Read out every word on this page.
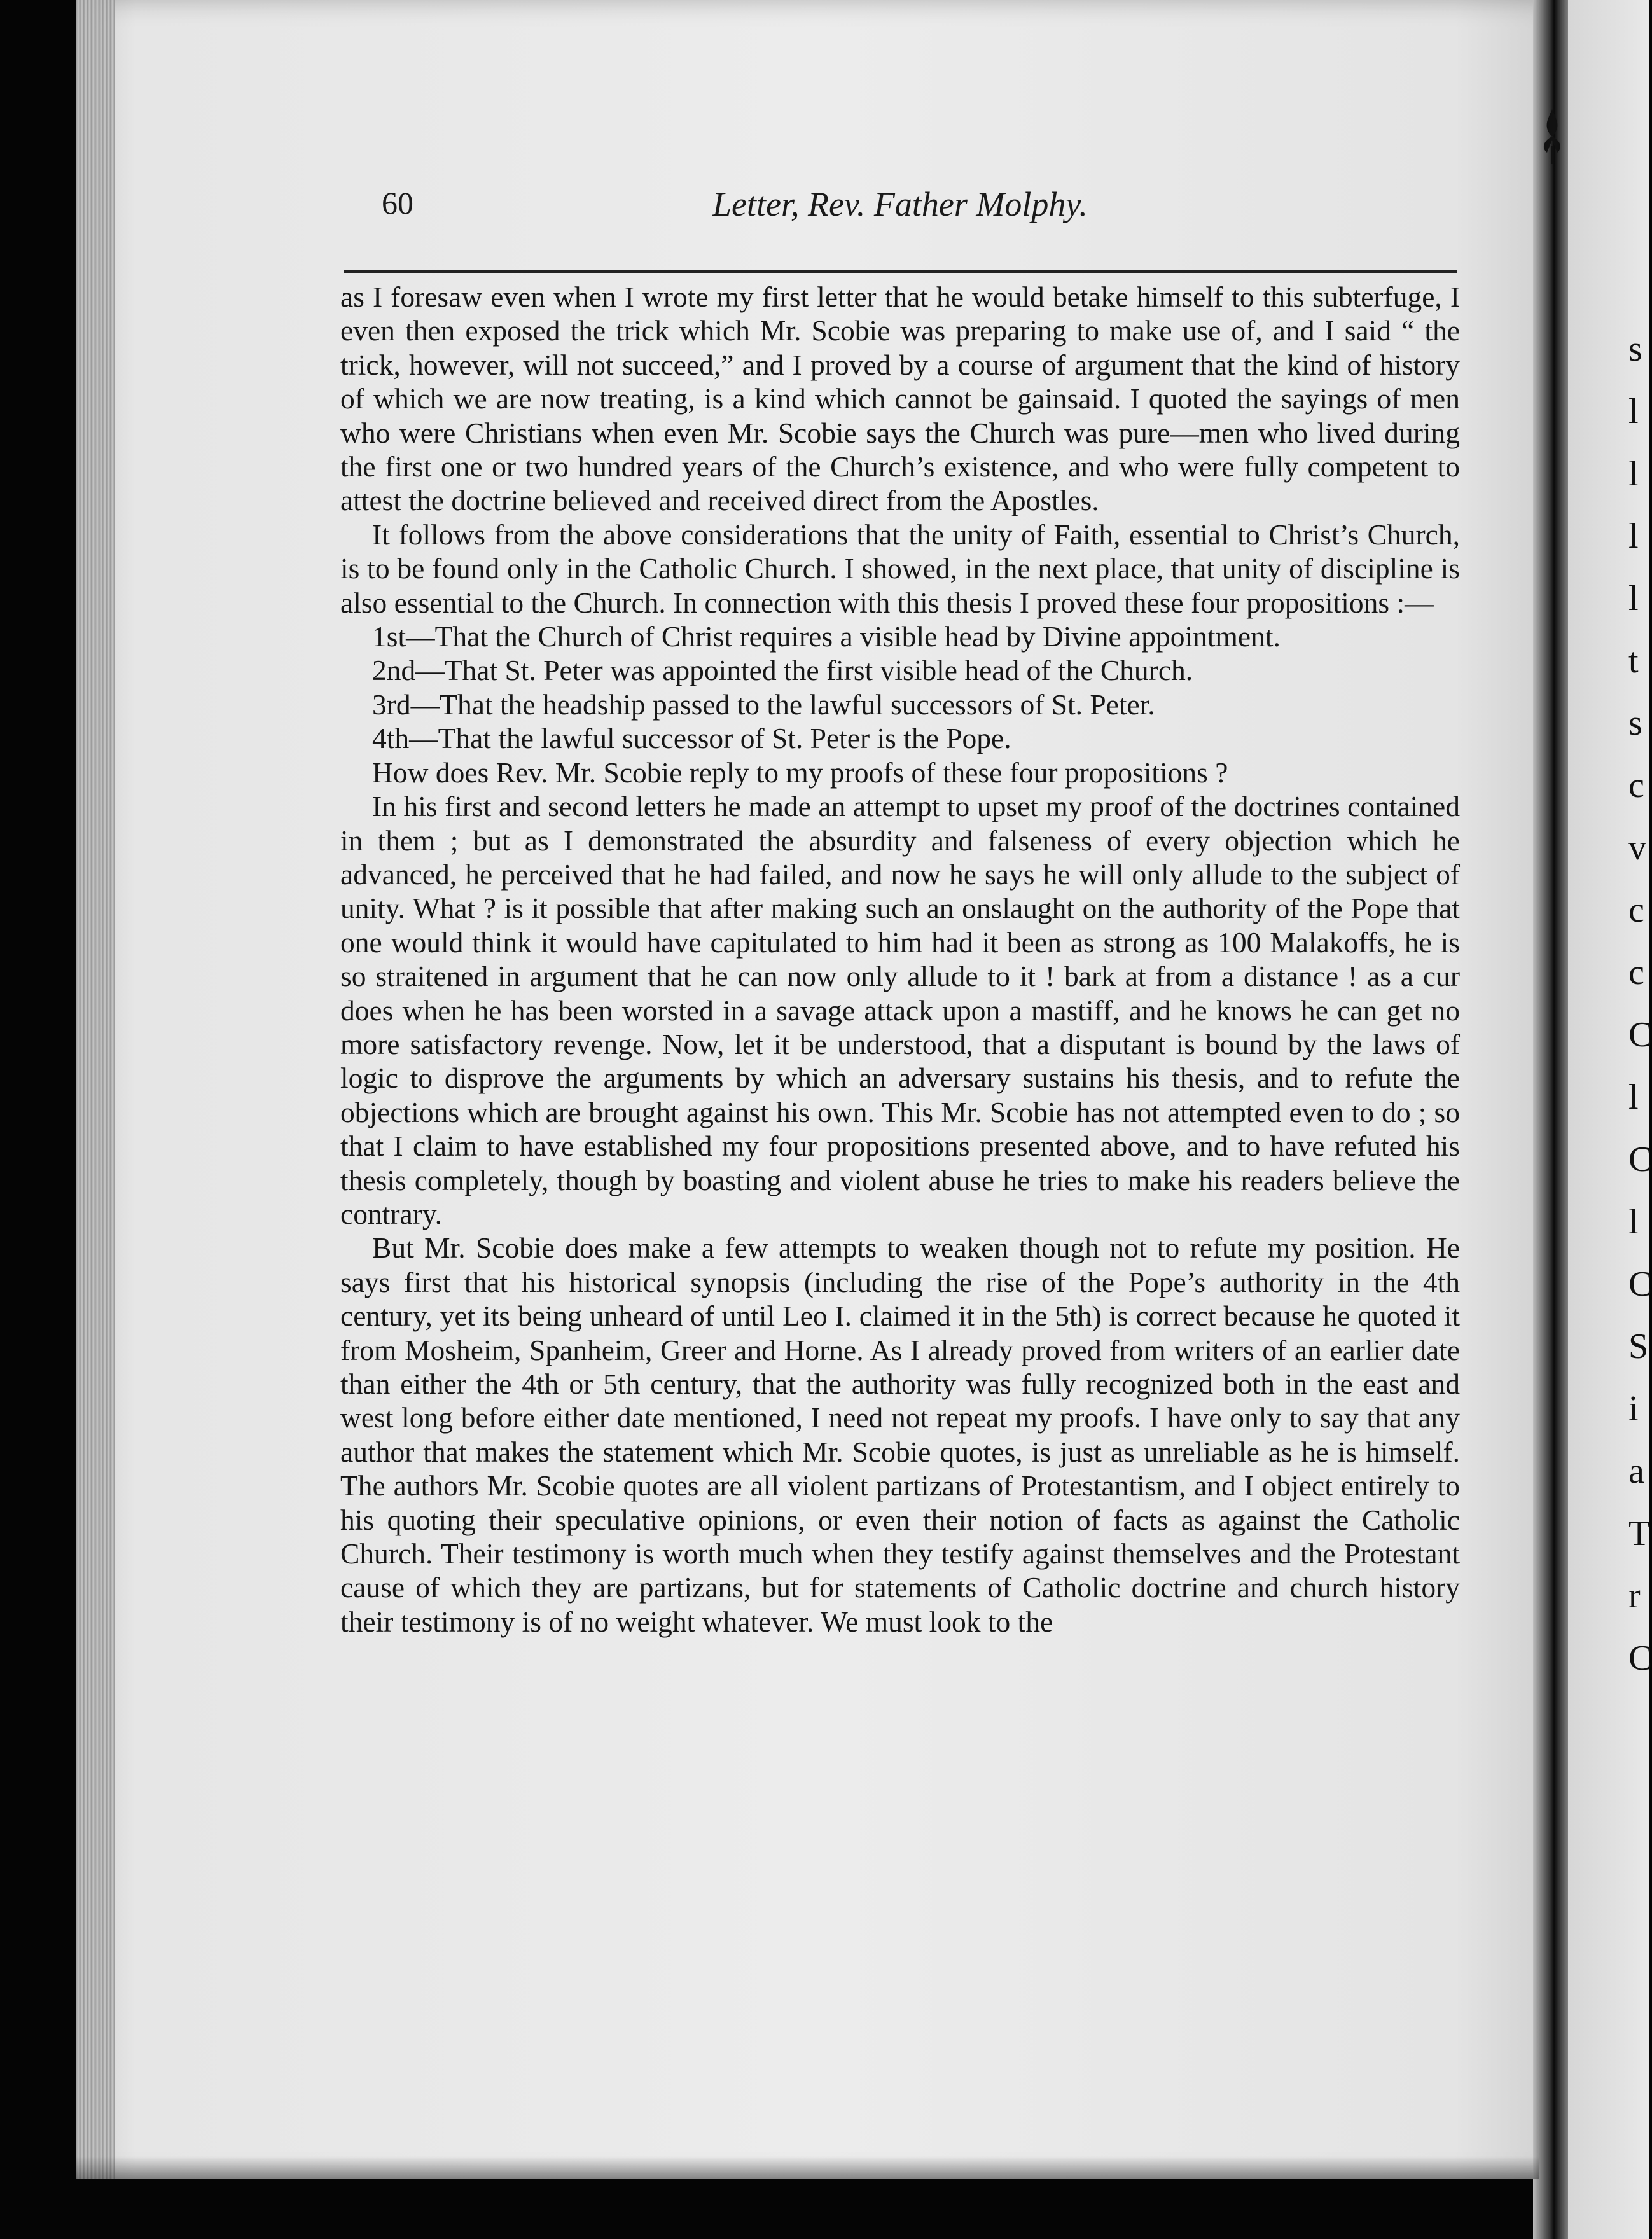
s
l
l
l
l
t
s
c
v
c
c
C
l
C
l
C
S
i
a
T
r
C
60	Letter, Rev. Father Molphy.

as I foresaw even when I wrote my first letter that he would betake himself to this subterfuge, I even then exposed the trick which Mr. Scobie was preparing to make use of, and I said “ the trick, however, will not succeed,” and I proved by a course of argument that the kind of history of which we are now treating, is a kind which cannot be gainsaid. I quoted the sayings of men who were Christians when even Mr. Scobie says the Church was pure—men who lived during the first one or two hundred years of the Church’s existence, and who were fully competent to attest the doctrine believed and received direct from the Apostles.

It follows from the above considerations that the unity of Faith, essential to Christ’s Church, is to be found only in the Catholic Church. I showed, in the next place, that unity of discipline is also essential to the Church. In connection with this thesis I proved these four propositions :—

1st—That the Church of Christ requires a visible head by Divine appointment.

2nd—That St. Peter was appointed the first visible head of the Church.

3rd—That the headship passed to the lawful successors of St. Peter.

4th—That the lawful successor of St. Peter is the Pope.

How does Rev. Mr. Scobie reply to my proofs of these four propositions ?

In his first and second letters he made an attempt to upset my proof of the doctrines contained in them ; but as I demonstrated the absurdity and falseness of every objection which he advanced, he perceived that he had failed, and now he says he will only allude to the subject of unity. What ? is it possible that after making such an onslaught on the authority of the Pope that one would think it would have capitulated to him had it been as strong as 100 Malakoffs, he is so straitened in argument that he can now only allude to it ! bark at from a distance ! as a cur does when he has been worsted in a savage attack upon a mastiff, and he knows he can get no more satisfactory revenge. Now, let it be understood, that a disputant is bound by the laws of logic to disprove the arguments by which an adversary sustains his thesis, and to refute the objections which are brought against his own. This Mr. Scobie has not attempted even to do ; so that I claim to have established my four propositions presented above, and to have refuted his thesis completely, though by boasting and violent abuse he tries to make his readers believe the contrary.

But Mr. Scobie does make a few attempts to weaken though not to refute my position. He says first that his historical synopsis (including the rise of the Pope’s authority in the 4th century, yet its being unheard of until Leo I. claimed it in the 5th) is correct because he quoted it from Mosheim, Spanheim, Greer and Horne. As I already proved from writers of an earlier date than either the 4th or 5th century, that the authority was fully recognized both in the east and west long before either date mentioned, I need not repeat my proofs. I have only to say that any author that makes the statement which Mr. Scobie quotes, is just as unreliable as he is himself. The authors Mr. Scobie quotes are all violent partizans of Protestantism, and I object entirely to his quoting their speculative opinions, or even their notion of facts as against the Catholic Church. Their testimony is worth much when they testify against themselves and the Protestant cause of which they are partizans, but for statements of Catholic doctrine and church history their testimony is of no weight whatever. We must look to the
